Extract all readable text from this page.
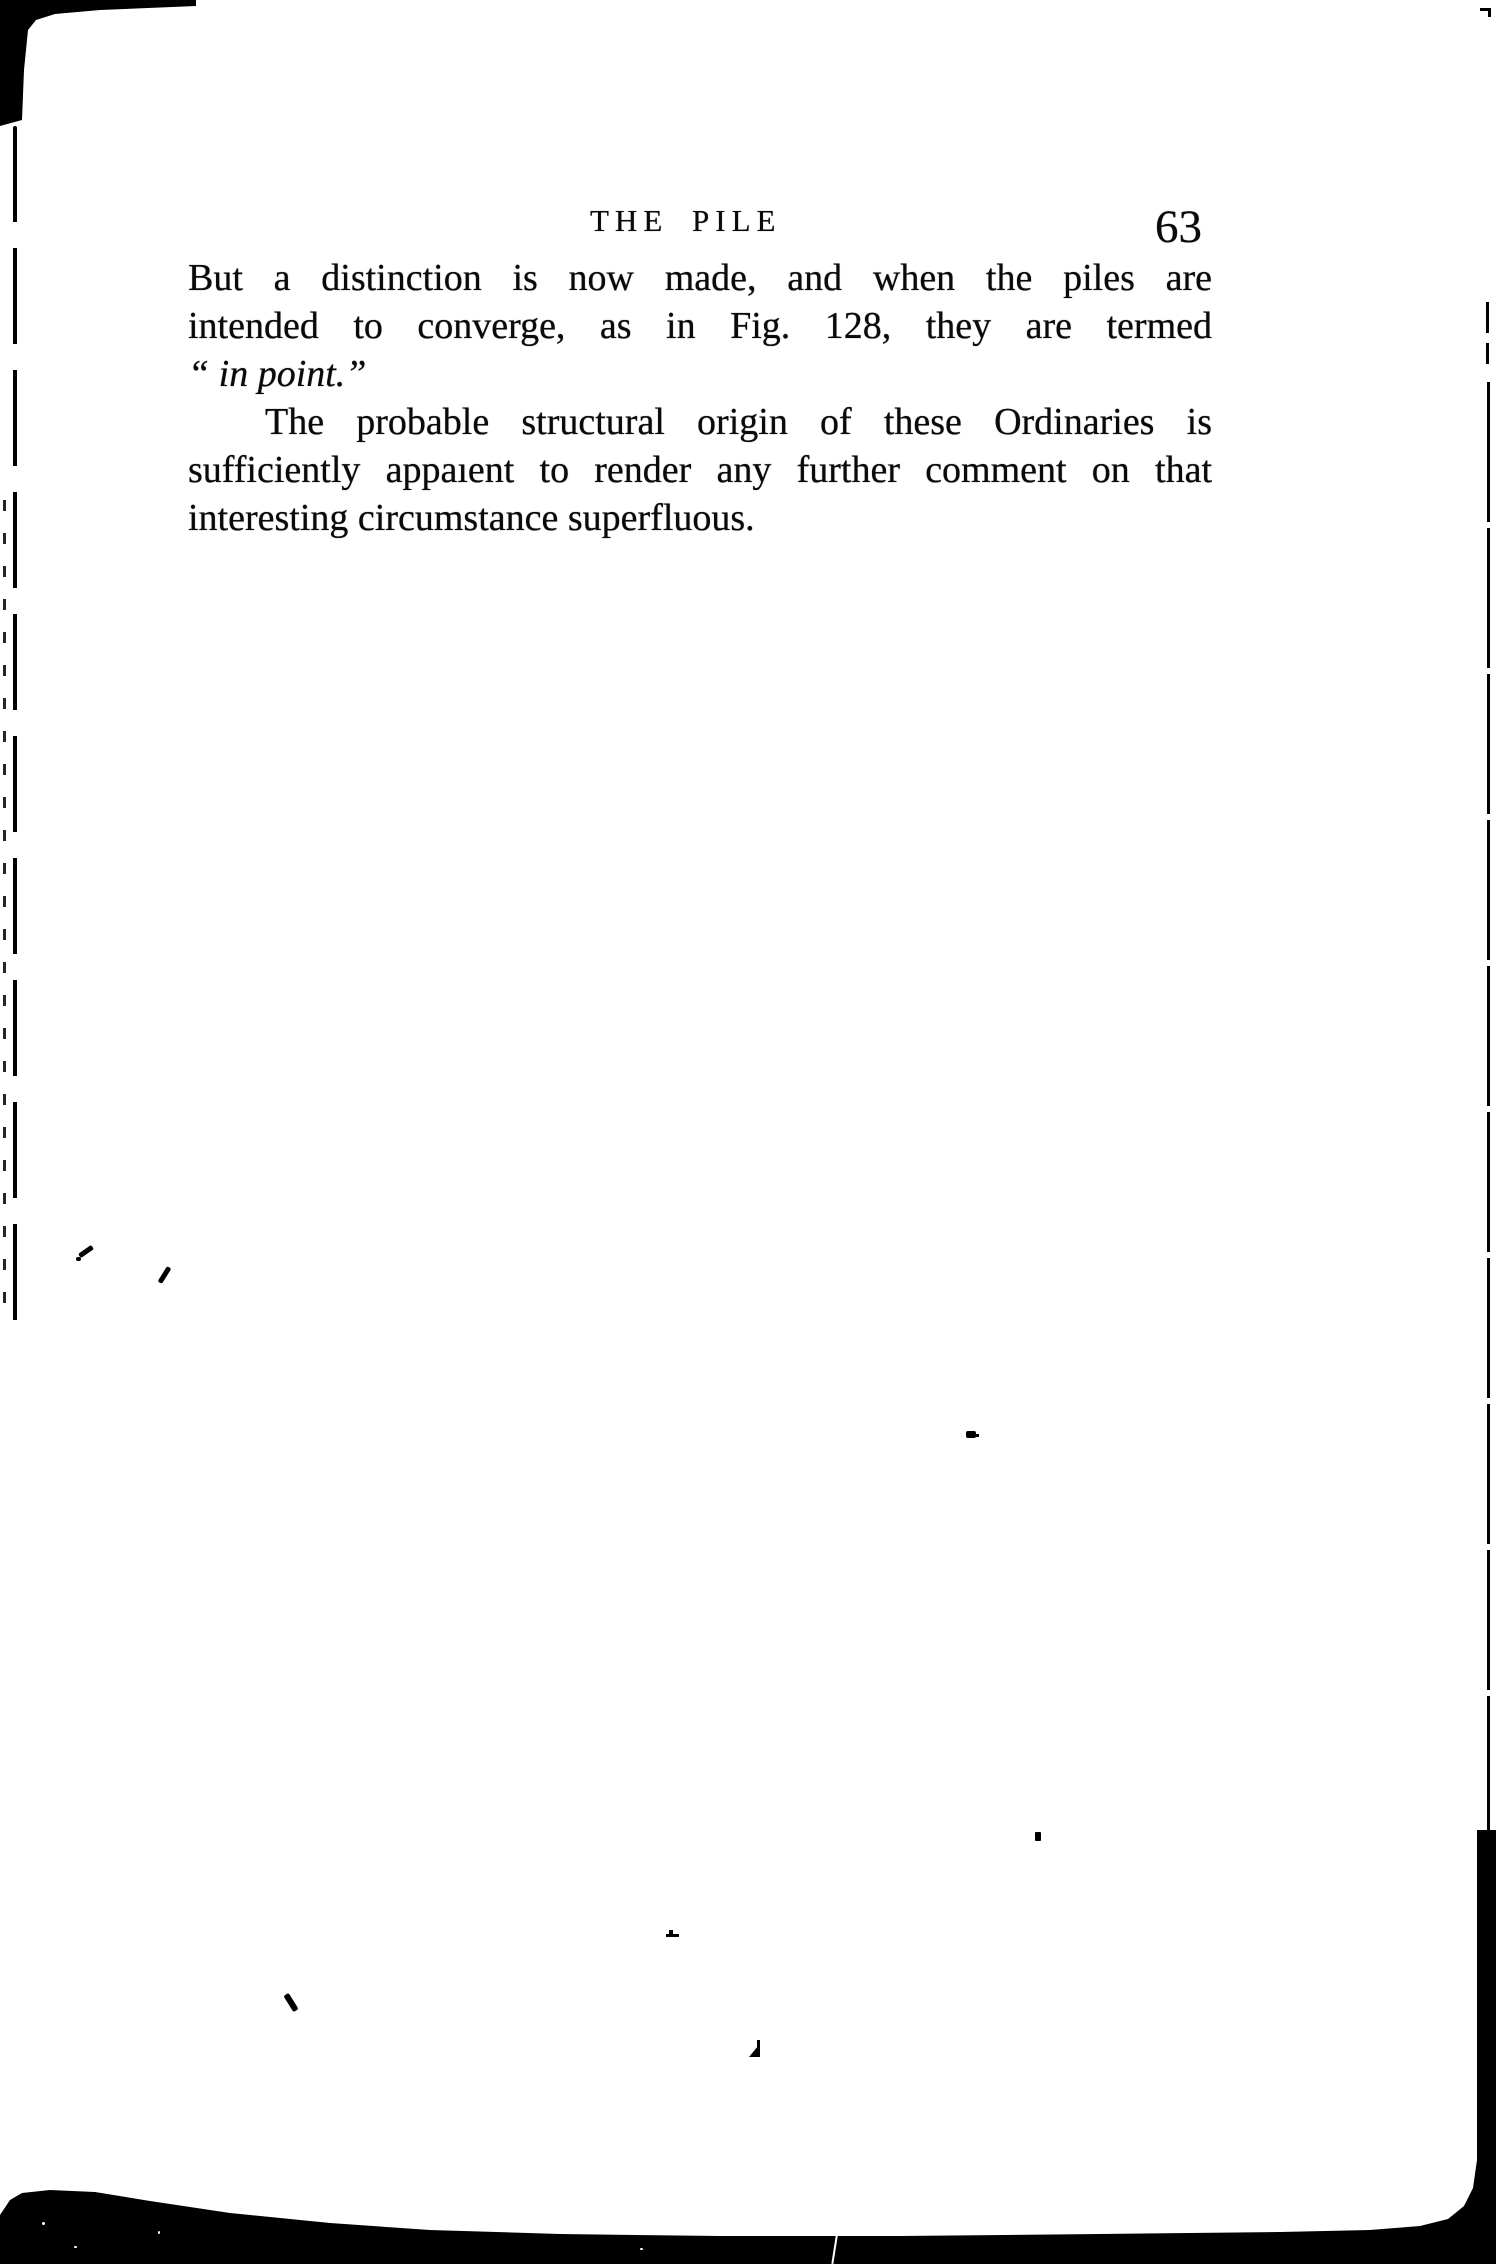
THE PILE	63
But a distinction is now made, and when the piles are
intended to converge, as in Fig. 128, they are termed
“ in point.”
The probable structural origin of these Ordinaries is
sufficiently appaıent to render any further comment on that
interesting circumstance superfluous.
